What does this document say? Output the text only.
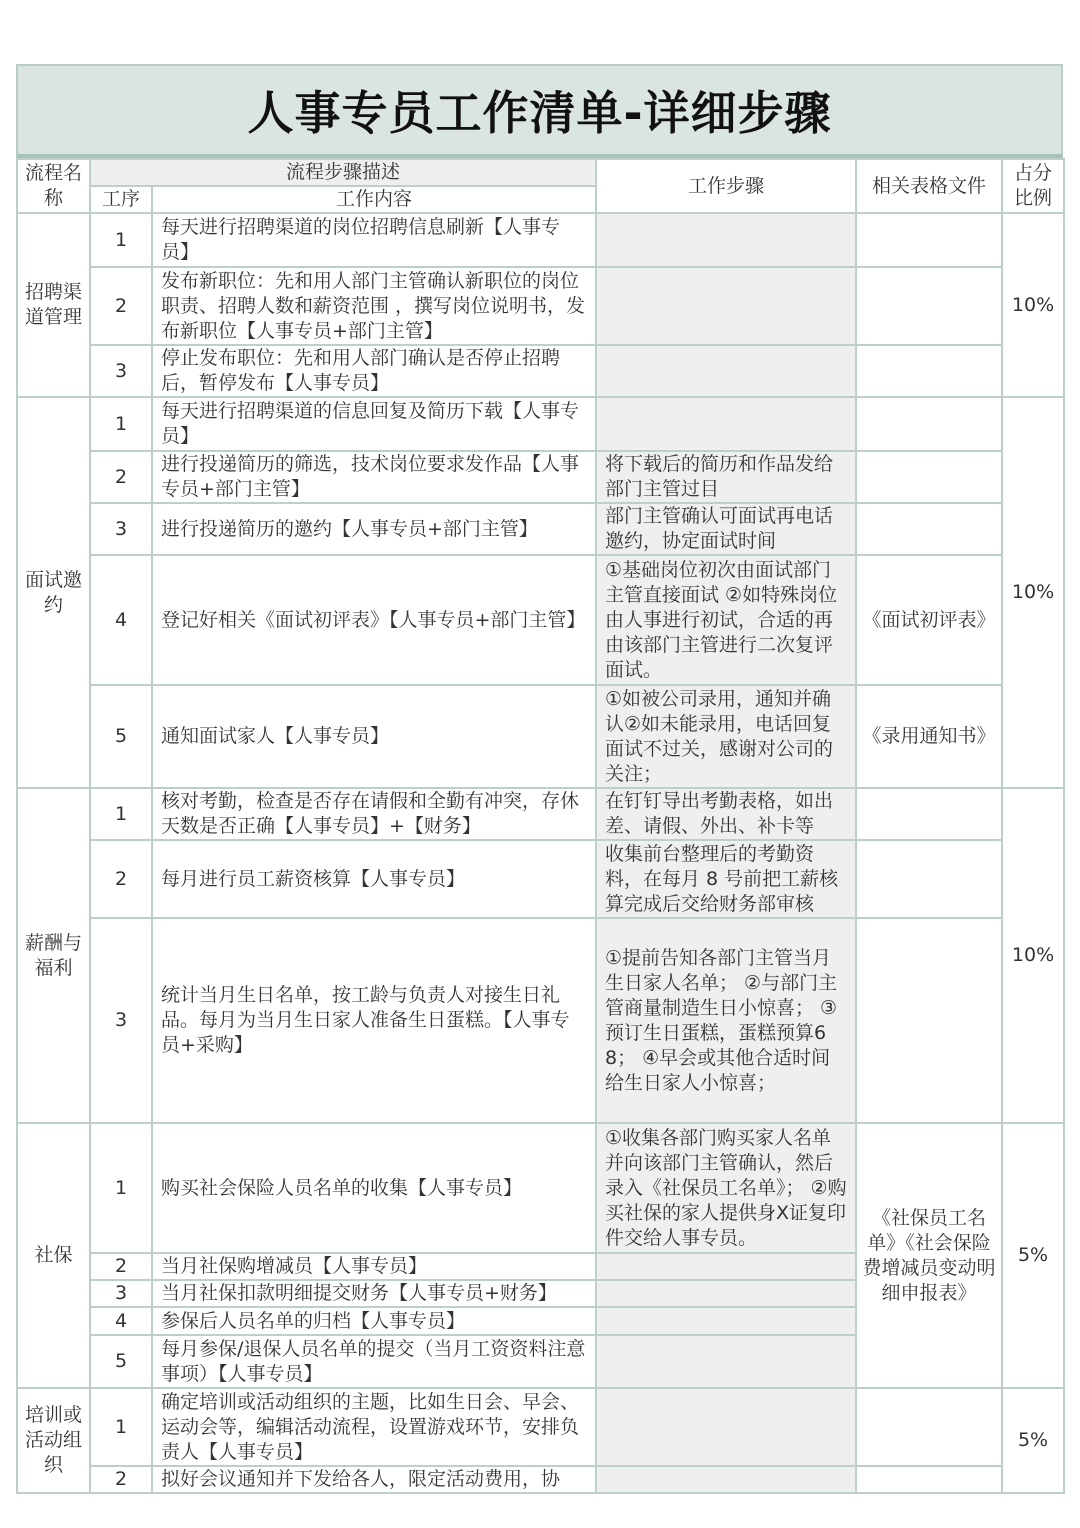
人事专员工作清单-详细步骤
流程名称	流程步骤描述		工作步骤	相关表格文件	占分比例
	工序	工作内容			
招聘渠道管理	1	每天进行招聘渠道的岗位招聘信息刷新【人事专员】			10%
	2	发布新职位：先和用人部门主管确认新职位的岗位职责、招聘人数和薪资范围 ，撰写岗位说明书，发布新职位【人事专员+部门主管】			
	3	停止发布职位：先和用人部门确认是否停止招聘后，暂停发布【人事专员】			
面试邀约	1	每天进行招聘渠道的信息回复及简历下载【人事专员】			10%
	2	进行投递简历的筛选，技术岗位要求发作品【人事专员+部门主管】	将下载后的简历和作品发给部门主管过目		
	3	进行投递简历的邀约【人事专员+部门主管】	部门主管确认可面试再电话邀约，协定面试时间		
	4	登记好相关《面试初评表》【人事专员+部门主管】	①基础岗位初次由面试部门主管直接面试 ②如特殊岗位由人事进行初试，合适的再由该部门主管进行二次复评面试。	《面试初评表》	
	5	通知面试家人【人事专员】	①如被公司录用，通知并确认②如未能录用，电话回复面试不过关，感谢对公司的关注；	《录用通知书》	
薪酬与福利	1	核对考勤，检查是否存在请假和全勤有冲突，存休天数是否正确【人事专员】+【财务】	在钉钉导出考勤表格，如出差、请假、外出、补卡等		10%
	2	每月进行员工薪资核算【人事专员】	收集前台整理后的考勤资料，在每月 8 号前把工薪核算完成后交给财务部审核		
	3	统计当月生日名单，按工龄与负责人对接生日礼品。每月为当月生日家人准备生日蛋糕。【人事专员+采购】	①提前告知各部门主管当月生日家人名单； ②与部门主管商量制造生日小惊喜； ③预订生日蛋糕，蛋糕预算68； ④早会或其他合适时间给生日家人小惊喜；		
社保	1	购买社会保险人员名单的收集【人事专员】	①收集各部门购买家人名单并向该部门主管确认，然后录入《社保员工名单》； ②购买社保的家人提供身X证复印件交给人事专员。	《社保员工名单》《社会保险费增减员变动明细申报表》	5%
	2	当月社保购增减员【人事专员】			
	3	当月社保扣款明细提交财务【人事专员+财务】			
	4	参保后人员名单的归档【人事专员】			
	5	每月参保/退保人员名单的提交（当月工资资料注意事项）【人事专员】			
培训或活动组织	1	确定培训或活动组织的主题，比如生日会、早会、运动会等，编辑活动流程，设置游戏环节，安排负责人【人事专员】			5%
	2	拟好会议通知并下发给各人，限定活动费用，协			
